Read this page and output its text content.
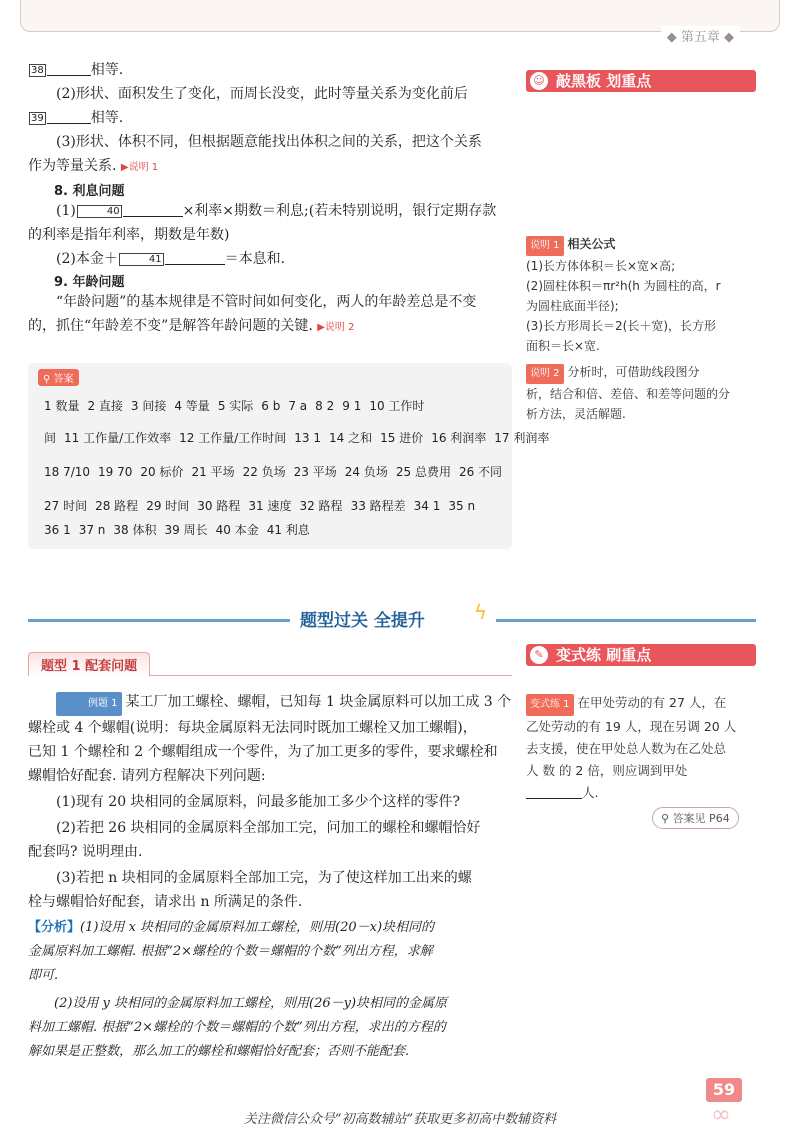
◆ 第五章 ◆
38	相等.
(2)形状、面积发生了变化，而周长没变，此时等量关系为变化前后
39	相等.
(3)形状、体积不同，但根据题意能找出体积之间的关系，把这个关系
作为等量关系. ▶说明 1
8. 利息问题
(1)	40	×利率×期数＝利息;(若未特别说明，银行定期存款
的利率是指年利率，期数是年数)
(2)本金＋	41	＝本息和.
9. 年龄问题
“年龄问题”的基本规律是不管时间如何变化，两人的年龄差总是不变
的，抓住“年龄差不变”是解答年龄问题的关键. ▶说明 2
⚲ 答案
1 数量 2 直接 3 间接 4 等量 5 实际 6 b 7 a 8 2 9 1 10 工作时
间 11 工作量/工作效率 12 工作量/工作时间 13 1 14 之和 15 进价 16 利润率 17 利润率
18 7/10 19 70 20 标价 21 平场 22 负场 23 平场 24 负场 25 总费用 26 不同
27 时间 28 路程 29 时间 30 路程 31 速度 32 路程 33 路程差 34 1 35 n
36 1 37 n 38 体积 39 周长 40 本金 41 利息
☺ 敲黑板 划重点
说明 1 相关公式
(1)长方体体积＝长×宽×高;
(2)圆柱体积＝πr²h(h 为圆柱的高，r
为圆柱底面半径);
(3)长方形周长＝2(长＋宽)，长方形
面积＝长×宽.
说明 2 分析时，可借助线段图分
析，结合和倍、差倍、和差等问题的分
析方法，灵活解题.
题型过关 全提升 ϟ
题型 1 配套问题
✎ 变式练 刷重点
例题 1 某工厂加工螺栓、螺帽，已知每 1 块金属原料可以加工成 3 个
螺栓或 4 个螺帽(说明：每块金属原料无法同时既加工螺栓又加工螺帽)，
已知 1 个螺栓和 2 个螺帽组成一个零件，为了加工更多的零件，要求螺栓和
螺帽恰好配套. 请列方程解决下列问题:
(1)现有 20 块相同的金属原料，问最多能加工多少个这样的零件?
(2)若把 26 块相同的金属原料全部加工完，问加工的螺栓和螺帽恰好
配套吗? 说明理由.
(3)若把 n 块相同的金属原料全部加工完，为了使这样加工出来的螺
栓与螺帽恰好配套，请求出 n 所满足的条件.
【分析】(1)设用 x 块相同的金属原料加工螺栓，则用(20－x)块相同的
金属原料加工螺帽. 根据“2×螺栓的个数＝螺帽的个数”列出方程，求解
即可.
(2)设用 y 块相同的金属原料加工螺栓，则用(26－y)块相同的金属原
料加工螺帽. 根据“2×螺栓的个数＝螺帽的个数”列出方程，求出的方程的
解如果是正整数，那么加工的螺栓和螺帽恰好配套；否则不能配套.
变式练 1 在甲处劳动的有 27 人，在
乙处劳动的有 19 人，现在另调 20 人
去支援，使在甲处总人数为在乙处总
人 数 的 2 倍，则应调到甲处
人.
⚲ 答案见 P64
59
∞
关注微信公众号“初高数辅站”获取更多初高中数辅资料
